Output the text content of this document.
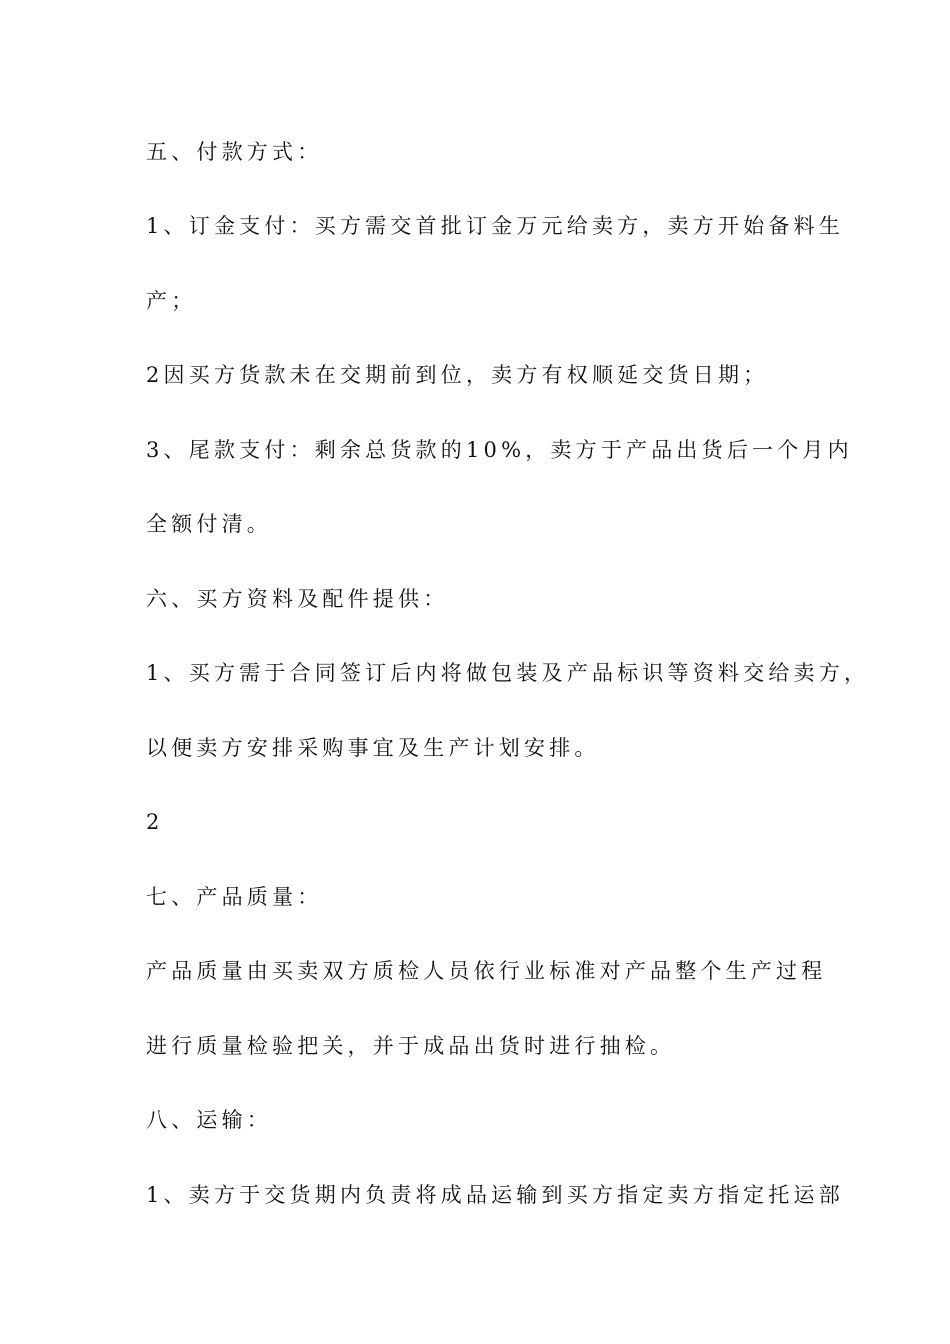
五、付款方式：
1、订金支付：买方需交首批订金万元给卖方，卖方开始备料生
产；
2因买方货款未在交期前到位，卖方有权顺延交货日期；
3、尾款支付：剩余总货款的10%，卖方于产品出货后一个月内
全额付清。
六、买方资料及配件提供：
1、买方需于合同签订后内将做包装及产品标识等资料交给卖方，
以便卖方安排采购事宜及生产计划安排。
2
七、产品质量：
产品质量由买卖双方质检人员依行业标准对产品整个生产过程
进行质量检验把关，并于成品出货时进行抽检。
八、运输：
1、卖方于交货期内负责将成品运输到买方指定卖方指定托运部
